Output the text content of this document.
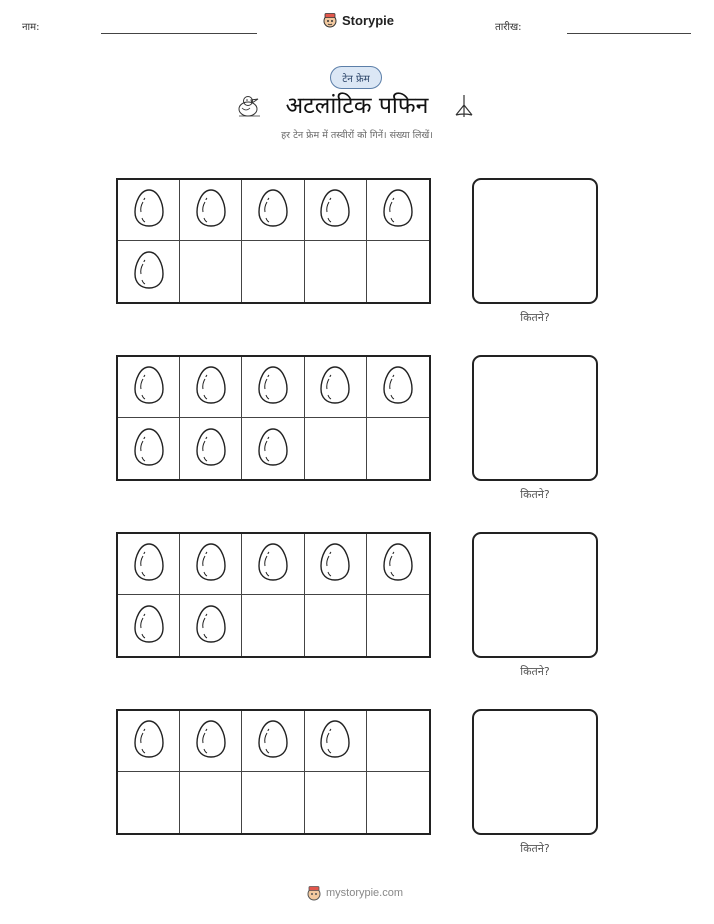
नाम:	Storypie	तारीख:
टेन फ्रेम
अटलांटिक पफिन
हर टेन फ्रेम में तस्वीरों को गिनें। संख्या लिखें।
कितने?
कितने?
कितने?
कितने?
mystorypie.com
